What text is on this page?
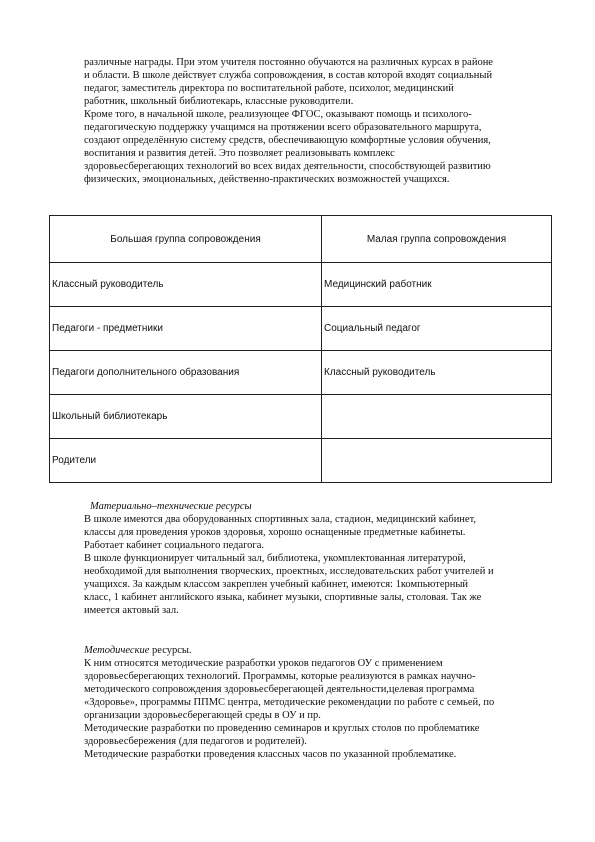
различные награды. При этом учителя постоянно обучаются на различных курсах в районе
и области. В школе действует служба сопровождения, в состав которой входят социальный
педагог, заместитель директора по воспитательной работе, психолог, медицинский
работник, школьный библиотекарь, классные руководители.
Кроме того, в начальной школе, реализующее ФГОС, оказывают помощь и психолого-
педагогическую поддержку учащимся на протяжении всего образовательного маршрута,
создают определённую систему средств, обеспечивающую комфортные условия обучения,
воспитания и развития детей. Это позволяет реализовывать комплекс
здоровьесберегающих технологий во всех видах деятельности, способствующей развитию
физических, эмоциональных, действенно-практических возможностей учащихся.
Большая группа сопровождения	Малая группа сопровождения
Классный руководитель	Медицинский работник
Педагоги - предметники	Социальный педагог
Педагоги дополнительного образования	Классный руководитель
Школьный библиотекарь	
Родители	
Материально–технические ресурсы
В школе имеются два оборудованных спортивных зала, стадион, медицинский кабинет,
классы для проведения уроков здоровья, хорошо оснащенные предметные кабинеты.
Работает кабинет социального педагога.
В школе функционирует читальный зал, библиотека, укомплектованная литературой,
необходимой для выполнения творческих, проектных, исследовательских работ учителей и
учащихся. За каждым классом закреплен учебный кабинет, имеются: 1компьютерный
класс, 1 кабинет английского языка, кабинет музыки, спортивные залы, столовая. Так же
имеется актовый зал.
Методические ресурсы.
К ним относятся методические разработки уроков педагогов ОУ с применением
здоровьесберегающих технологий. Программы, которые реализуются в рамках научно-
методического сопровождения здоровьесберегающей деятельности,целевая программа
«Здоровье», программы ППМС центра, методические рекомендации по работе с семьей, по
организации здоровьесберегающей среды в ОУ и пр.
Методические разработки по проведению семинаров и круглых столов по проблематике
здоровьесбережения (для педагогов и родителей).
Методические разработки проведения классных часов по указанной проблематике.
